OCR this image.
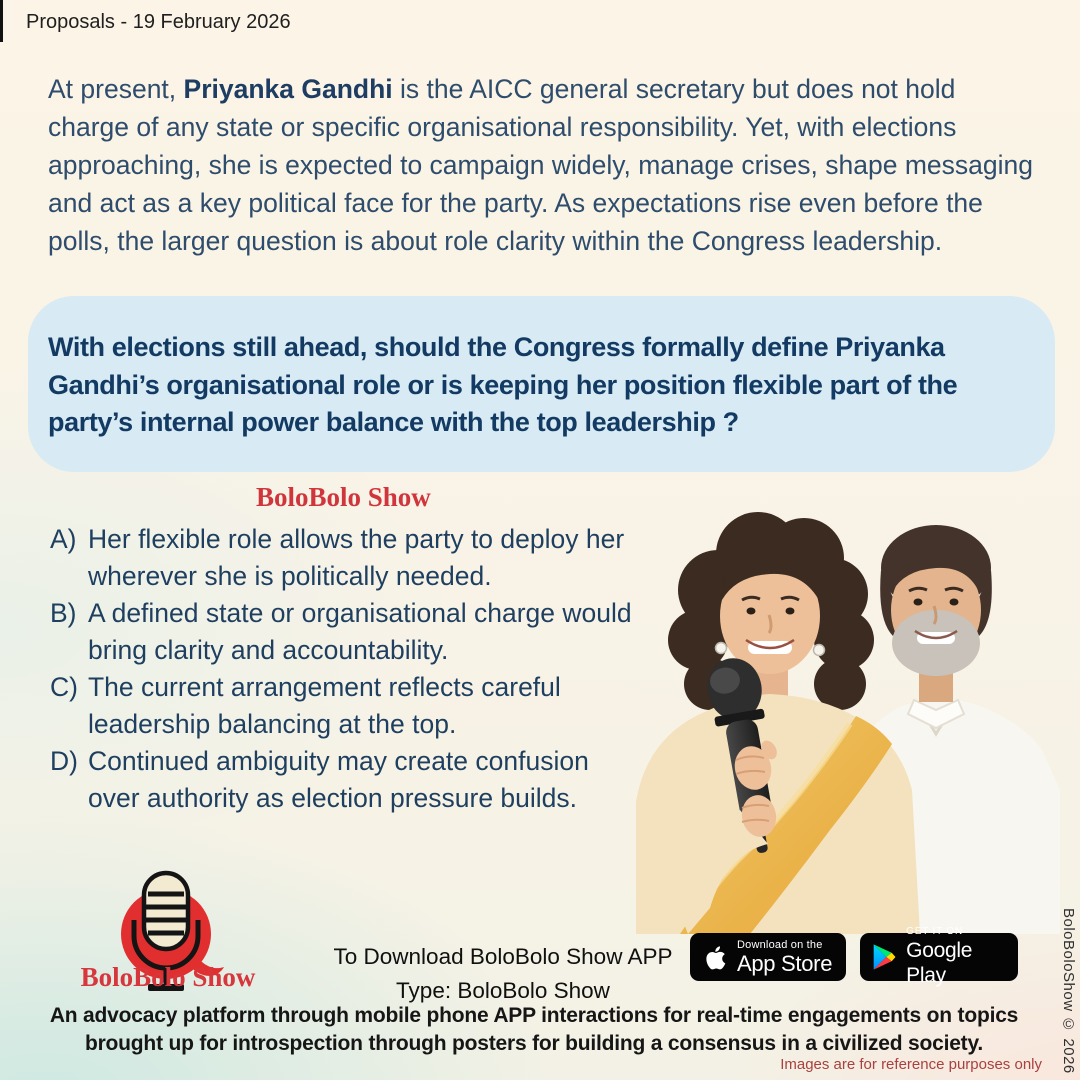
Proposals - 19 February 2026
At present, Priyanka Gandhi is the AICC general secretary but does not hold charge of any state or specific organisational responsibility. Yet, with elections approaching, she is expected to campaign widely, manage crises, shape messaging and act as a key political face for the party. As expectations rise even before the polls, the larger question is about role clarity within the Congress leadership.
With elections still ahead, should the Congress formally define Priyanka
Gandhi’s organisational role or is keeping her position flexible part of the
party’s internal power balance with the top leadership ?
BoloBolo Show
A) Her flexible role allows the party to deploy her
wherever she is politically needed.
B) A defined state or organisational charge would
bring clarity and accountability.
C) The current arrangement reflects careful
leadership balancing at the top.
D) Continued ambiguity may create confusion
over authority as election pressure builds.
BoloBolo Show
To Download BoloBolo Show APP
Type: BoloBolo Show
Download on the
App Store
GET IT ON
Google Play
An advocacy platform through mobile phone APP interactions for real-time engagements on topics
brought up for introspection through posters for building a consensus in a civilized society.
Images are for reference purposes only BoloBoloShow © 2026
